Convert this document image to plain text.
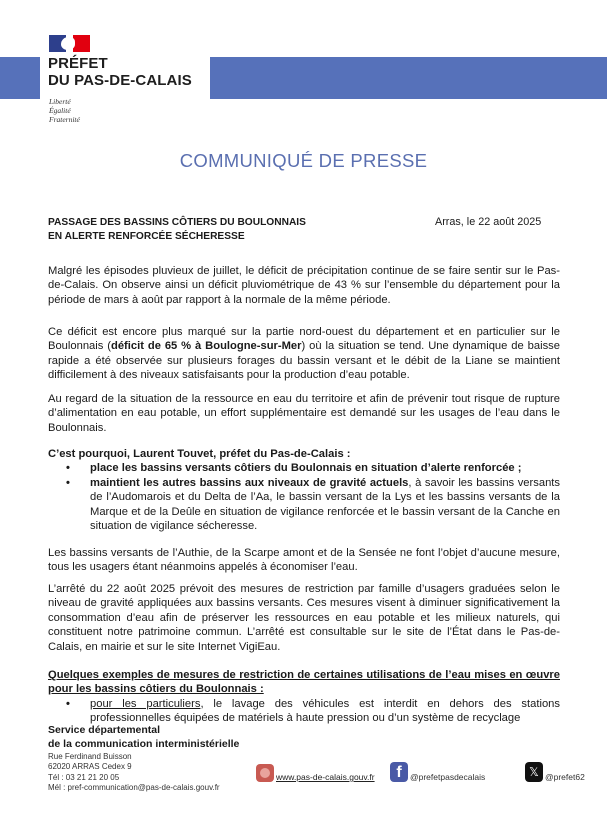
PRÉFET
DU PAS-DE-CALAIS
Liberté
Égalité
Fraternité
COMMUNIQUÉ DE PRESSE
PASSAGE DES BASSINS CÔTIERS DU BOULONNAIS
EN ALERTE RENFORCÉE SÉCHERESSE
Arras, le 22 août 2025
Malgré les épisodes pluvieux de juillet, le déficit de précipitation continue de se faire sentir sur le Pas-de-Calais. On observe ainsi un déficit pluviométrique de 43 % sur l’ensemble du département pour la période de mars à août par rapport à la normale de la même période.
Ce déficit est encore plus marqué sur la partie nord-ouest du département et en particulier sur le Boulonnais (déficit de 65 % à Boulogne-sur-Mer) où la situation se tend. Une dynamique de baisse rapide a été observée sur plusieurs forages du bassin versant et le débit de la Liane se maintient difficilement à des niveaux satisfaisants pour la production d’eau potable.
Au regard de la situation de la ressource en eau du territoire et afin de prévenir tout risque de rupture d’alimentation en eau potable, un effort supplémentaire est demandé sur les usages de l’eau dans le Boulonnais.
C’est pourquoi, Laurent Touvet, préfet du Pas-de-Calais :
• place les bassins versants côtiers du Boulonnais en situation d’alerte renforcée ;
• maintient les autres bassins aux niveaux de gravité actuels, à savoir les bassins versants de l’Audomarois et du Delta de l’Aa, le bassin versant de la Lys et les bassins versants de la Marque et de la Deûle en situation de vigilance renforcée et le bassin versant de la Canche en situation de vigilance sécheresse.
Les bassins versants de l’Authie, de la Scarpe amont et de la Sensée ne font l’objet d’aucune mesure, tous les usagers étant néanmoins appelés à économiser l’eau.
L’arrêté du 22 août 2025 prévoit des mesures de restriction par famille d’usagers graduées selon le niveau de gravité appliquées aux bassins versants. Ces mesures visent à diminuer significativement la consommation d’eau afin de préserver les ressources en eau potable et les milieux naturels, qui constituent notre patrimoine commun. L’arrêté est consultable sur le site de l’État dans le Pas-de-Calais, en mairie et sur le site Internet VigiEau.
Quelques exemples de mesures de restriction de certaines utilisations de l’eau mises en œuvre pour les bassins côtiers du Boulonnais :
• pour les particuliers, le lavage des véhicules est interdit en dehors des stations professionnelles équipées de matériels à haute pression ou d’un système de recyclage
Service départemental
de la communication interministérielle
Rue Ferdinand Buisson
62020 ARRAS Cedex 9
Tél : 03 21 21 20 05
Mél : pref-communication@pas-de-calais.gouv.fr
www.pas-de-calais.gouv.fr	f @prefetpasdecalais	𝕏 @prefet62
